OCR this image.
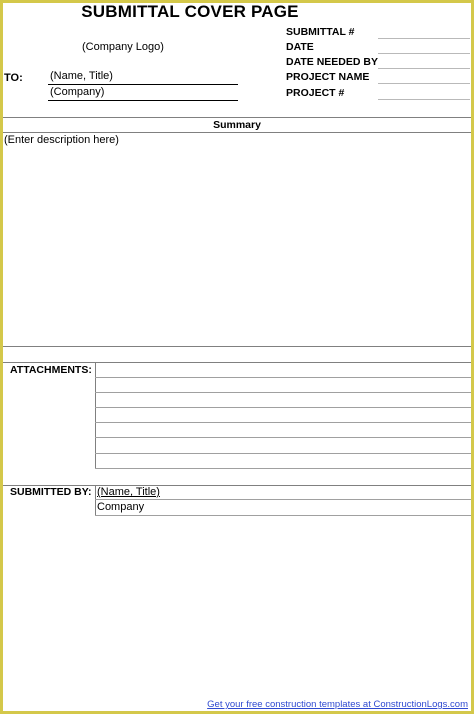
SUBMITTAL COVER PAGE
(Company Logo)
TO: (Name, Title)
(Company)
SUBMITTAL #
DATE
DATE NEEDED BY
PROJECT NAME
PROJECT #
Summary
(Enter description here)
ATTACHMENTS:
SUBMITTED BY: (Name, Title)
Company
Get your free construction templates at ConstructionLogs.com
